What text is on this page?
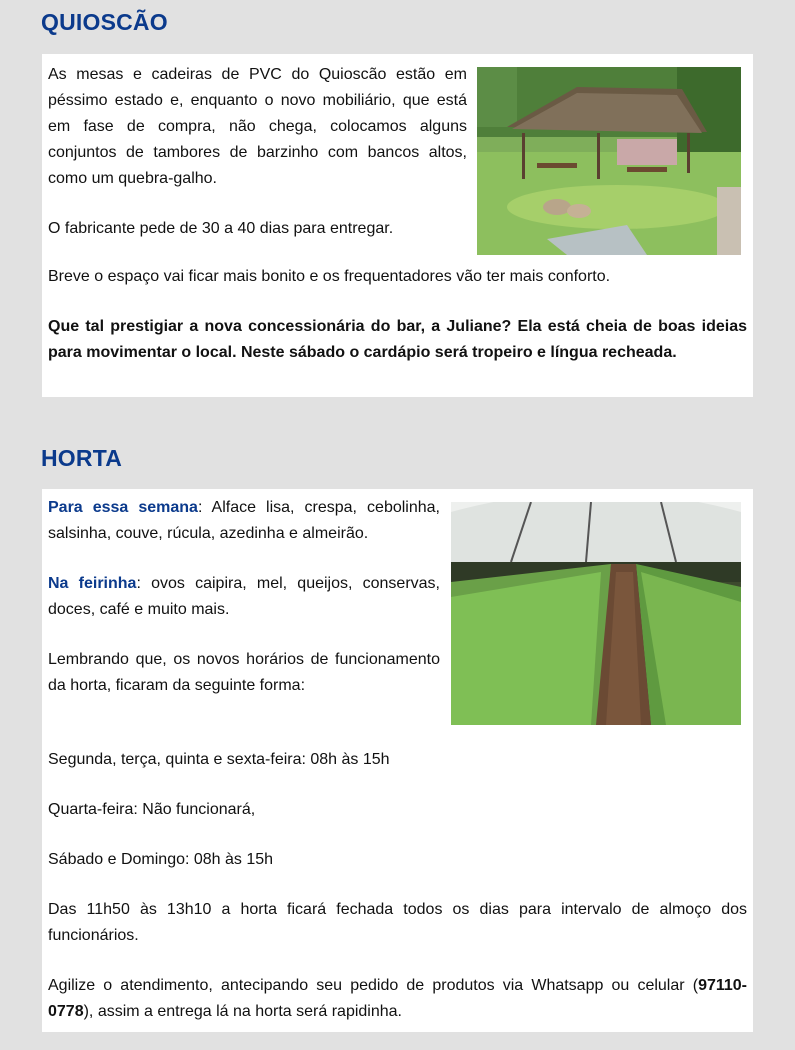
QUIOSCÃO

As mesas e cadeiras de PVC do Quioscão estão em péssimo estado e, enquanto o novo mobiliário, que está em fase de compra, não chega, colocamos alguns conjuntos de tambores de barzinho com bancos altos, como um quebra-galho.

O fabricante pede de 30 a 40 dias para entregar.

Breve o espaço vai ficar mais bonito e os frequentadores vão ter mais conforto.

Que tal prestigiar a nova concessionária do bar, a Juliane? Ela está cheia de boas ideias para movimentar o local. Neste sábado o cardápio será tropeiro e língua recheada.

HORTA

Para essa semana: Alface lisa, crespa, cebolinha, salsinha, couve, rúcula, azedinha e almeirão.

Na feirinha: ovos caipira, mel, queijos, conservas, doces, café e muito mais.

Lembrando que, os novos horários de funcionamento da horta, ficaram da seguinte forma:

Segunda, terça, quinta e sexta-feira: 08h às 15h

Quarta-feira: Não funcionará,

Sábado e Domingo: 08h às 15h

Das 11h50 às 13h10 a horta ficará fechada todos os dias para intervalo de almoço dos funcionários.

Agilize o atendimento, antecipando seu pedido de produtos via Whatsapp ou celular (97110-0778), assim a entrega lá na horta será rapidinha.
